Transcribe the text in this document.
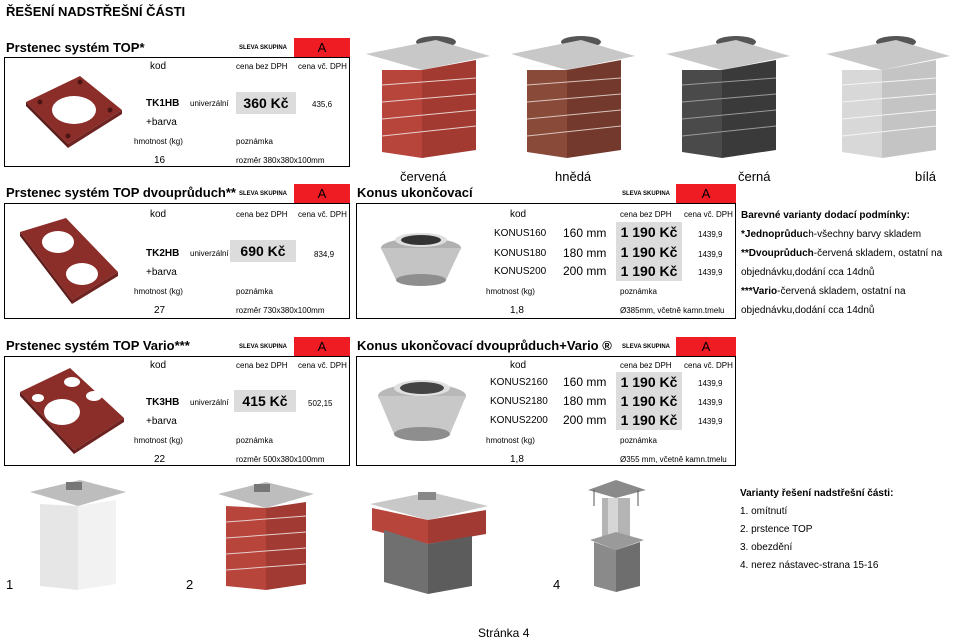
ŘEŠENÍ NADSTŘEŠNÍ ČÁSTI
Prstenec systém TOP*	SLEVA SKUPINA	A
kod	cena bez DPH cena vč. DPH
TK1HB univerzální	360 Kč	435,6
+barva
hmotnost (kg)	poznámka
16	rozměr 380x380x100mm
červená	hnědá	černá	bílá
Prstenec systém TOP dvouprůduch** SLEVA SKUPINA	A
kod	cena bez DPH cena vč. DPH
TK2HB univerzální 690 Kč	834,9
+barva
hmotnost (kg)	poznámka
27	rozměr 730x380x100mm
Konus ukončovací	SLEVA SKUPINA	A
kod	cena bez DPH cena vč. DPH
KONUS160 160 mm	1 190 Kč	1439,9
KONUS180 180 mm	1 190 Kč	1439,9
KONUS200 200 mm	1 190 Kč	1439,9
hmotnost (kg)	poznámka
1,8	Ø385mm, včetně kamn.tmelu
Barevné varianty dodací podmínky:
*Jednoprůduch-všechny barvy skladem
**Dvouprůduch-červená skladem, ostatní na
objednávku,dodání cca 14dnů
***Vario-červená skladem, ostatní na
objednávku,dodání cca 14dnů
Prstenec systém TOP Vario***	SLEVA SKUPINA	A
kod	cena bez DPH cena vč. DPH
TK3HB univerzální 415 Kč	502,15
+barva
hmotnost (kg)	poznámka
22	rozměr 500x380x100mm
Konus ukončovací dvouprůduch+Vario ® SLEVA SKUPINA	A
kod	cena bez DPH cena vč. DPH
KONUS2160 160 mm	1 190 Kč	1439,9
KONUS2180 180 mm	1 190 Kč	1439,9
KONUS2200 200 mm	1 190 Kč	1439,9
hmotnost (kg)	poznámka
1,8	Ø355 mm, včetně kamn.tmelu
1	2	4
Varianty řešení nadstřešní části:
1. omítnutí
2. prstence TOP
3. obezdění
4. nerez nástavec-strana 15-16
Stránka 4
